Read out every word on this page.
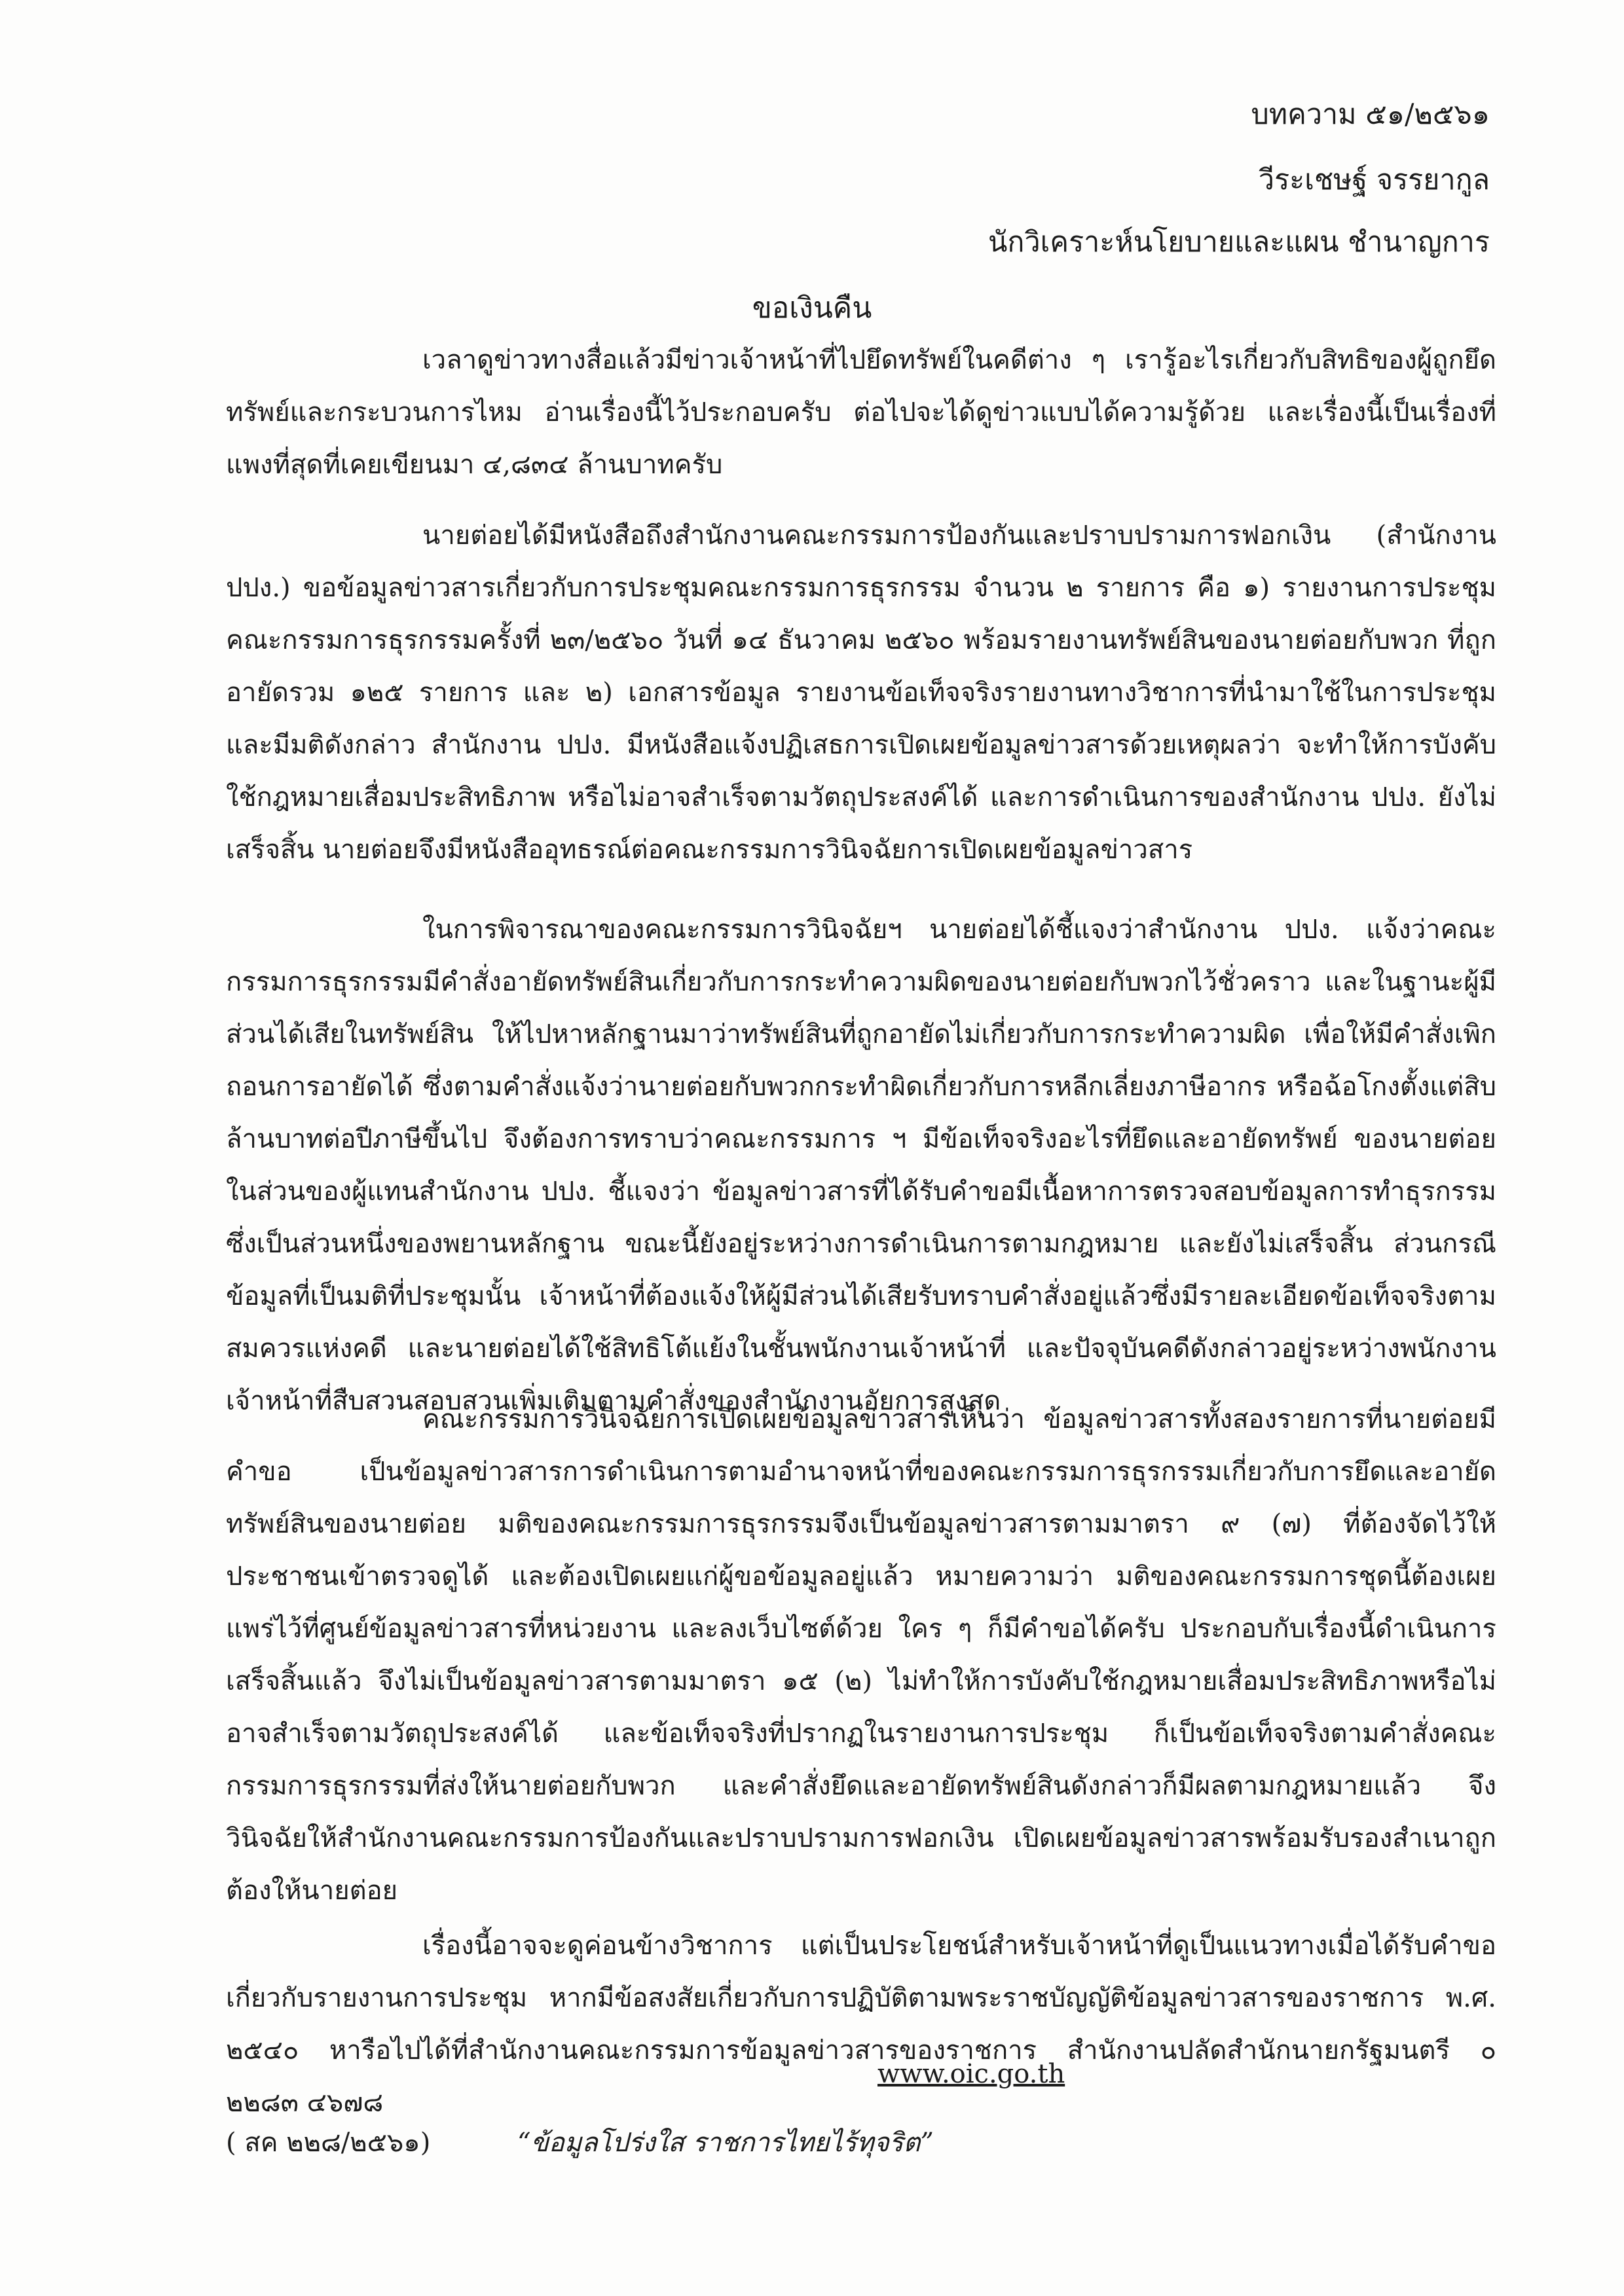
บทความ ๕๑/๒๕๖๑
วีระเชษฐ์ จรรยากูล
นักวิเคราะห์นโยบายและแผน ชำนาญการ
ขอเงินคืน

เวลาดูข่าวทางสื่อแล้วมีข่าวเจ้าหน้าที่ไปยึดทรัพย์ในคดีต่าง ๆ เรารู้อะไรเกี่ยวกับสิทธิของผู้ถูกยึดทรัพย์และกระบวนการไหม อ่านเรื่องนี้ไว้ประกอบครับ ต่อไปจะได้ดูข่าวแบบได้ความรู้ด้วย และเรื่องนี้เป็นเรื่องที่แพงที่สุดที่เคยเขียนมา ๔,๘๓๔ ล้านบาทครับ

นายต่อยได้มีหนังสือถึงสำนักงานคณะกรรมการป้องกันและปราบปรามการฟอกเงิน (สำนักงาน ปปง.) ขอข้อมูลข่าวสารเกี่ยวกับการประชุมคณะกรรมการธุรกรรม จำนวน ๒ รายการ คือ ๑) รายงานการประชุมคณะกรรมการธุรกรรมครั้งที่ ๒๓/๒๕๖๐ วันที่ ๑๔ ธันวาคม ๒๕๖๐ พร้อมรายงานทรัพย์สินของนายต่อยกับพวก ที่ถูกอายัดรวม ๑๒๕ รายการ และ ๒) เอกสารข้อมูล รายงานข้อเท็จจริงรายงานทางวิชาการที่นำมาใช้ในการประชุมและมีมติดังกล่าว สำนักงาน ปปง. มีหนังสือแจ้งปฏิเสธการเปิดเผยข้อมูลข่าวสารด้วยเหตุผลว่า จะทำให้การบังคับใช้กฎหมายเสื่อมประสิทธิภาพ หรือไม่อาจสำเร็จตามวัตถุประสงค์ได้ และการดำเนินการของสำนักงาน ปปง. ยังไม่เสร็จสิ้น นายต่อยจึงมีหนังสืออุทธรณ์ต่อคณะกรรมการวินิจฉัยการเปิดเผยข้อมูลข่าวสาร

ในการพิจารณาของคณะกรรมการวินิจฉัยฯ นายต่อยได้ชี้แจงว่าสำนักงาน ปปง. แจ้งว่าคณะกรรมการธุรกรรมมีคำสั่งอายัดทรัพย์สินเกี่ยวกับการกระทำความผิดของนายต่อยกับพวกไว้ชั่วคราว และในฐานะผู้มีส่วนได้เสียในทรัพย์สิน ให้ไปหาหลักฐานมาว่าทรัพย์สินที่ถูกอายัดไม่เกี่ยวกับการกระทำความผิด เพื่อให้มีคำสั่งเพิกถอนการอายัดได้ ซึ่งตามคำสั่งแจ้งว่านายต่อยกับพวกกระทำผิดเกี่ยวกับการหลีกเลี่ยงภาษีอากร หรือฉ้อโกงตั้งแต่สิบล้านบาทต่อปีภาษีขึ้นไป จึงต้องการทราบว่าคณะกรรมการ ฯ มีข้อเท็จจริงอะไรที่ยึดและอายัดทรัพย์ ของนายต่อย ในส่วนของผู้แทนสำนักงาน ปปง. ชี้แจงว่า ข้อมูลข่าวสารที่ได้รับคำขอมีเนื้อหาการตรวจสอบข้อมูลการทำธุรกรรมซึ่งเป็นส่วนหนึ่งของพยานหลักฐาน ขณะนี้ยังอยู่ระหว่างการดำเนินการตามกฎหมาย และยังไม่เสร็จสิ้น ส่วนกรณีข้อมูลที่เป็นมติที่ประชุมนั้น เจ้าหน้าที่ต้องแจ้งให้ผู้มีส่วนได้เสียรับทราบคำสั่งอยู่แล้วซึ่งมีรายละเอียดข้อเท็จจริงตามสมควรแห่งคดี และนายต่อยได้ใช้สิทธิโต้แย้งในชั้นพนักงานเจ้าหน้าที่ และปัจจุบันคดีดังกล่าวอยู่ระหว่างพนักงานเจ้าหน้าที่สืบสวนสอบสวนเพิ่มเติมตามคำสั่งของสำนักงานอัยการสูงสุด

คณะกรรมการวินิจฉัยการเปิดเผยข้อมูลข่าวสารเห็นว่า ข้อมูลข่าวสารทั้งสองรายการที่นายต่อยมีคำขอ เป็นข้อมูลข่าวสารการดำเนินการตามอำนาจหน้าที่ของคณะกรรมการธุรกรรมเกี่ยวกับการยึดและอายัดทรัพย์สินของนายต่อย มติของคณะกรรมการธุรกรรมจึงเป็นข้อมูลข่าวสารตามมาตรา ๙ (๗) ที่ต้องจัดไว้ให้ประชาชนเข้าตรวจดูได้ และต้องเปิดเผยแก่ผู้ขอข้อมูลอยู่แล้ว หมายความว่า มติของคณะกรรมการชุดนี้ต้องเผยแพร่ไว้ที่ศูนย์ข้อมูลข่าวสารที่หน่วยงาน และลงเว็บไซต์ด้วย ใคร ๆ ก็มีคำขอได้ครับ ประกอบกับเรื่องนี้ดำเนินการเสร็จสิ้นแล้ว จึงไม่เป็นข้อมูลข่าวสารตามมาตรา ๑๕ (๒) ไม่ทำให้การบังคับใช้กฎหมายเสื่อมประสิทธิภาพหรือไม่อาจสำเร็จตามวัตถุประสงค์ได้ และข้อเท็จจริงที่ปรากฏในรายงานการประชุม ก็เป็นข้อเท็จจริงตามคำสั่งคณะกรรมการธุรกรรมที่ส่งให้นายต่อยกับพวก และคำสั่งยึดและอายัดทรัพย์สินดังกล่าวก็มีผลตามกฎหมายแล้ว จึงวินิจฉัยให้สำนักงานคณะกรรมการป้องกันและปราบปรามการฟอกเงิน เปิดเผยข้อมูลข่าวสารพร้อมรับรองสำเนาถูกต้องให้นายต่อย

เรื่องนี้อาจจะดูค่อนข้างวิชาการ แต่เป็นประโยชน์สำหรับเจ้าหน้าที่ดูเป็นแนวทางเมื่อได้รับคำขอเกี่ยวกับรายงานการประชุม หากมีข้อสงสัยเกี่ยวกับการปฏิบัติตามพระราชบัญญัติข้อมูลข่าวสารของราชการ พ.ศ. ๒๕๔๐ หารือไปได้ที่สำนักงานคณะกรรมการข้อมูลข่าวสารของราชการ สำนักงานปลัดสำนักนายกรัฐมนตรี ๐ ๒๒๘๓ ๔๖๗๘

www.oic.go.th
( สค ๒๒๘/๒๕๖๑)	“ข้อมูลโปร่งใส ราชการไทยไร้ทุจริต”
